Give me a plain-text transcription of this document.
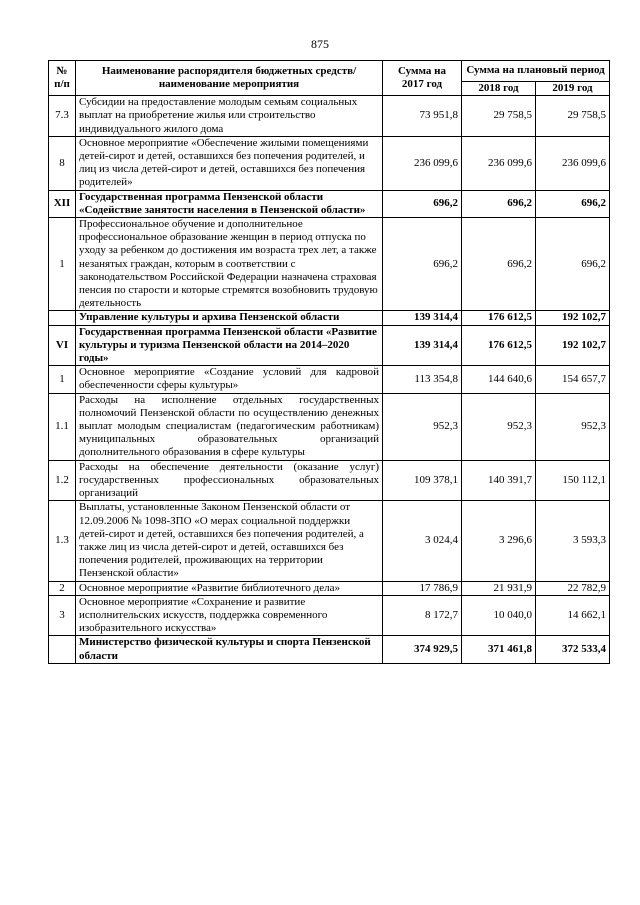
875
№ п/п	Наименование распорядителя бюджетных средств/ наименование мероприятия	Сумма на 2017 год	Сумма на плановый период	
			2018 год	2019 год
7.3	Субсидии на предоставление молодым семьям социальных выплат на приобретение жилья или строительство индивидуального жилого дома	73 951,8	29 758,5	29 758,5
8	Основное мероприятие «Обеспечение жилыми помещениями детей-сирот и детей, оставшихся без попечения родителей, и лиц из числа детей-сирот и детей, оставшихся без попечения родителей»	236 099,6	236 099,6	236 099,6
XII	Государственная программа Пензенской области «Содействие занятости населения в Пензенской области»	696,2	696,2	696,2
1	Профессиональное обучение и дополнительное профессиональное образование женщин в период отпуска по уходу за ребенком до достижения им возраста трех лет, а также незанятых граждан, которым в соответствии с законодательством Российской Федерации назначена страховая пенсия по старости и которые стремятся возобновить трудовую деятельность	696,2	696,2	696,2
	Управление культуры и архива Пензенской области	139 314,4	176 612,5	192 102,7
VI	Государственная программа Пензенской области «Развитие культуры и туризма Пензенской области на 2014–2020 годы»	139 314,4	176 612,5	192 102,7
1	Основное мероприятие «Создание условий для кадровой обеспеченности сферы культуры»	113 354,8	144 640,6	154 657,7
1.1	Расходы на исполнение отдельных государственных полномочий Пензенской области по осуществлению денежных выплат молодым специалистам (педагогическим работникам) муниципальных образовательных организаций дополнительного образования в сфере культуры	952,3	952,3	952,3
1.2	Расходы на обеспечение деятельности (оказание услуг) государственных профессиональных образовательных организаций	109 378,1	140 391,7	150 112,1
1.3	Выплаты, установленные Законом Пензенской области от 12.09.2006 № 1098-ЗПО «О мерах социальной поддержки детей-сирот и детей, оставшихся без попечения родителей, а также лиц из числа детей-сирот и детей, оставшихся без попечения родителей, проживающих на территории Пензенской области»	3 024,4	3 296,6	3 593,3
2	Основное мероприятие «Развитие библиотечного дела»	17 786,9	21 931,9	22 782,9
3	Основное мероприятие «Сохранение и развитие исполнительских искусств, поддержка современного изобразительного искусства»	8 172,7	10 040,0	14 662,1
	Министерство физической культуры и спорта Пензенской области	374 929,5	371 461,8	372 533,4
